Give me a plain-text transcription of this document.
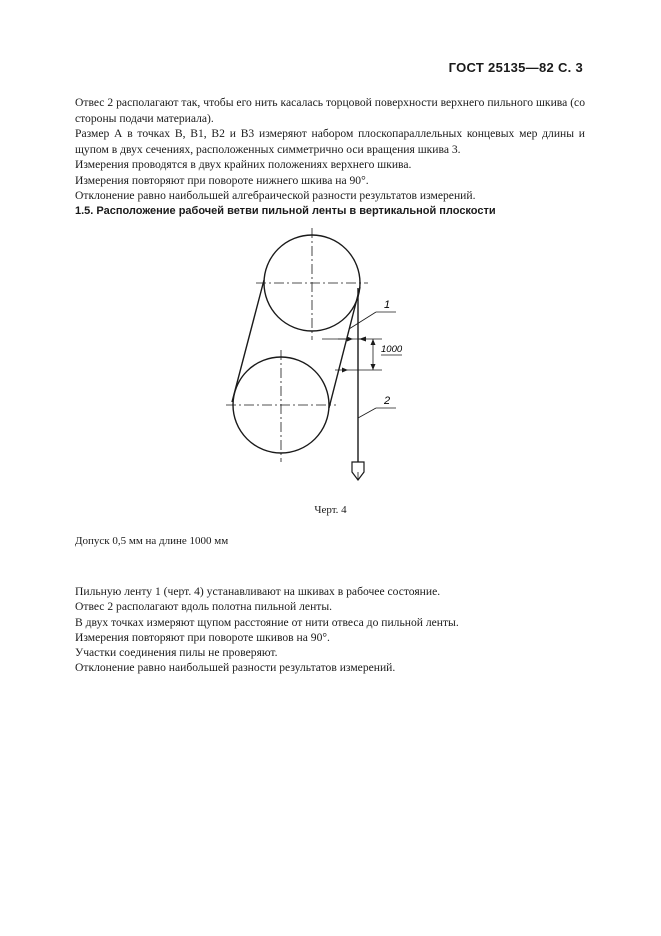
ГОСТ 25135—82 С. 3

Отвес 2 располагают так, чтобы его нить касалась торцовой поверхности верхнего пильного шкива (со стороны подачи материала).

Размер А в точках В, В1, В2 и В3 измеряют набором плоскопараллельных концевых мер длины и щупом в двух сечениях, расположенных симметрично оси вращения шкива 3.

Измерения проводятся в двух крайних положениях верхнего шкива.

Измерения повторяют при повороте нижнего шкива на 90°.

Отклонение равно наибольшей алгебраической разности результатов измерений.

1.5. Расположение рабочей ветви пильной ленты в вертикальной плоскости

1
2
1000
Черт. 4
Допуск 0,5 мм на длине 1000 мм

Пильную ленту 1 (черт. 4) устанавливают на шкивах в рабочее состояние.

Отвес 2 располагают вдоль полотна пильной ленты.

В двух точках измеряют щупом расстояние от нити отвеса до пильной ленты.

Измерения повторяют при повороте шкивов на 90°.

Участки соединения пилы не проверяют.

Отклонение равно наибольшей разности результатов измерений.
